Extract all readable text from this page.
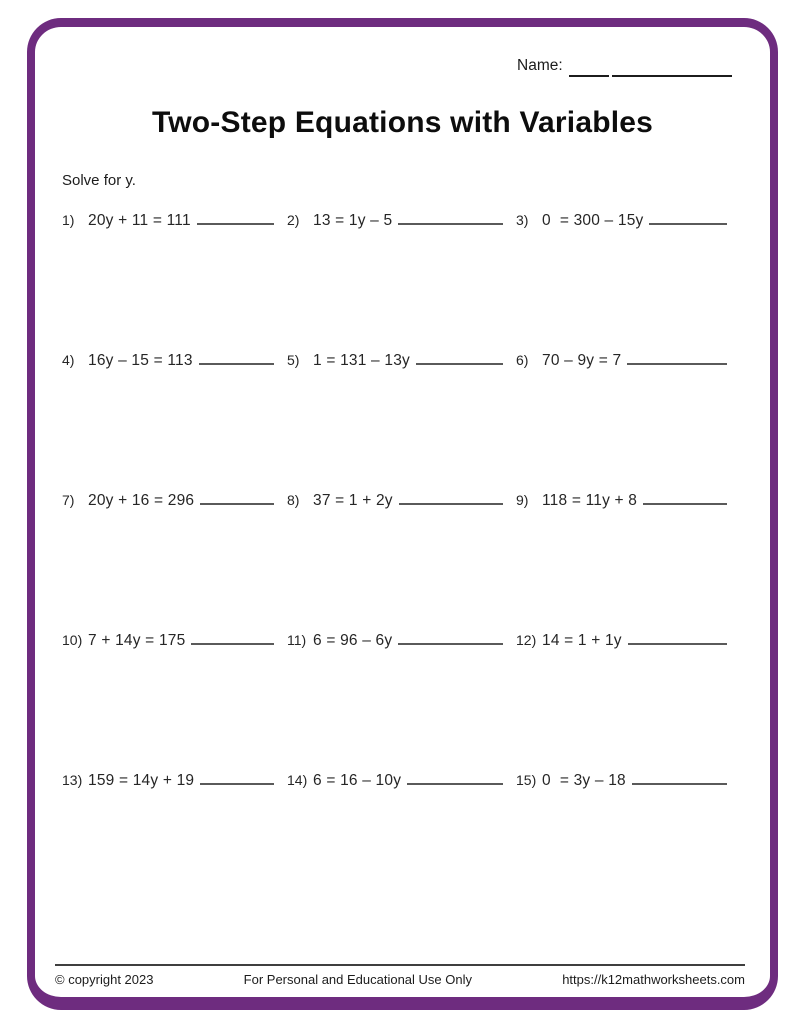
Name:
Two-Step Equations with Variables
Solve for y.
1) 20y + 11 = 111	2) 13 = 1y – 5	3) 0  = 300 – 15y
4) 16y – 15 = 113	5) 1 = 131 – 13y	6) 70 – 9y = 7
7) 20y + 16 = 296	8) 37 = 1 + 2y	9) 118 = 11y + 8
10) 7 + 14y = 175	11) 6 = 96 – 6y	12) 14 = 1 + 1y
13) 159 = 14y + 19	14) 6 = 16 – 10y	15) 0  = 3y – 18
© copyright 2023	For Personal and Educational Use Only	https://k12mathworksheets.com
